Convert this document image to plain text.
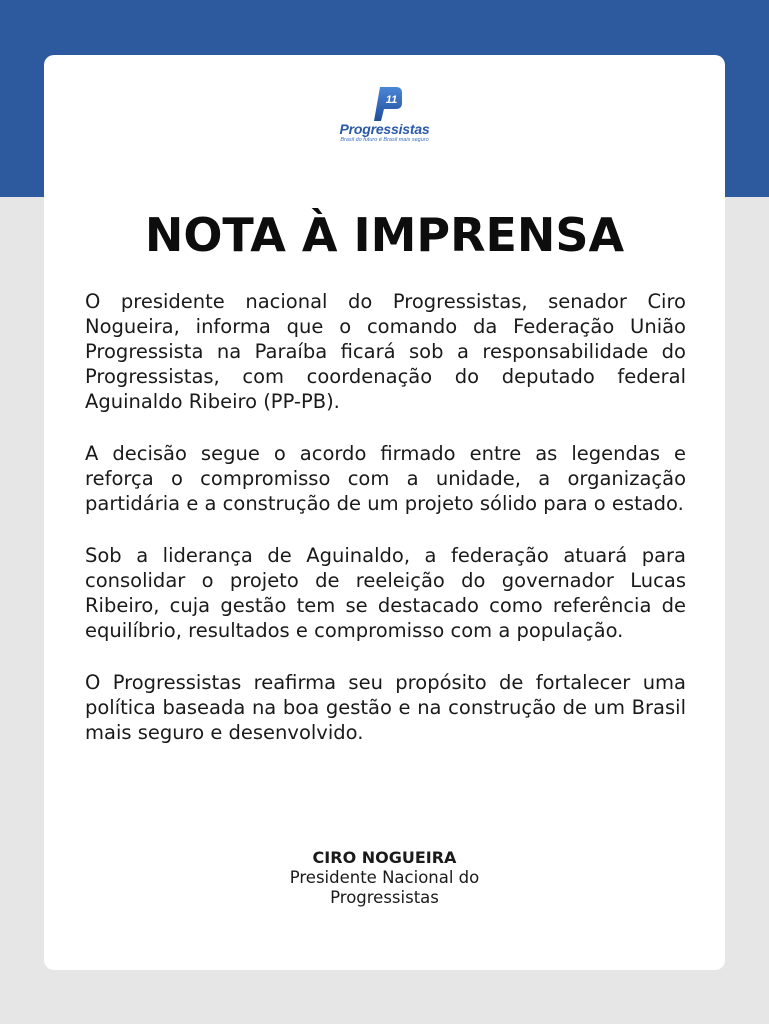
11
Progressistas
Brasil do futuro é Brasil mais seguro
NOTA À IMPRENSA

O presidente nacional do Progressistas, senador Ciro Nogueira, informa que o comando da Federação União Progressista na Paraíba ficará sob a responsabilidade do Progressistas, com coordenação do deputado federal Aguinaldo Ribeiro (PP-PB).

A decisão segue o acordo firmado entre as legendas e reforça o compromisso com a unidade, a organização partidária e a construção de um projeto sólido para o estado.

Sob a liderança de Aguinaldo, a federação atuará para consolidar o projeto de reeleição do governador Lucas Ribeiro, cuja gestão tem se destacado como referência de equilíbrio, resultados e compromisso com a população.

O Progressistas reafirma seu propósito de fortalecer uma política baseada na boa gestão e na construção de um Brasil mais seguro e desenvolvido.

CIRO NOGUEIRA
Presidente Nacional do
Progressistas
